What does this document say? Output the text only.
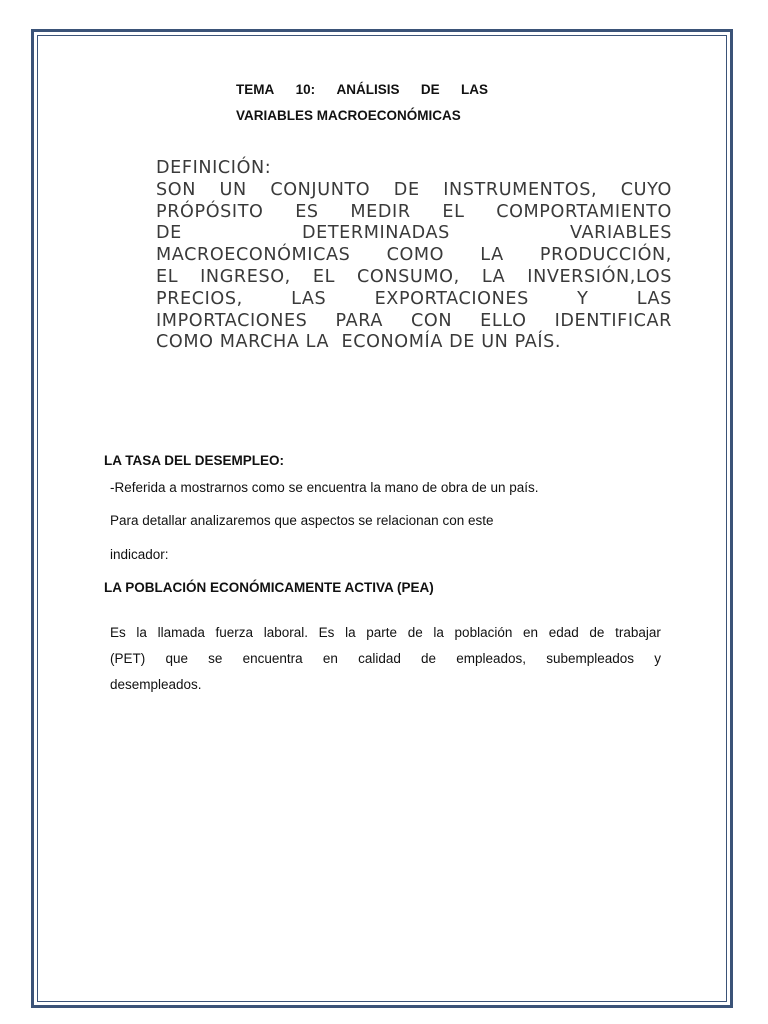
TEMA 10: ANÁLISIS DE LAS
VARIABLES MACROECONÓMICAS
DEFINICIÓN:
SON UN CONJUNTO DE INSTRUMENTOS, CUYO
PRÓPÓSITO ES MEDIR EL COMPORTAMIENTO
DE	DETERMINADAS	VARIABLES
MACROECONÓMICAS COMO LA PRODUCCIÓN,
EL INGRESO, EL CONSUMO, LA INVERSIÓN,LOS
PRECIOS,	LAS	EXPORTACIONES	Y	LAS
IMPORTACIONES PARA CON ELLO IDENTIFICAR
COMO MARCHA LA  ECONOMÍA DE UN PAÍS.
LA TASA DEL DESEMPLEO:
-Referida a mostrarnos como se encuentra la mano de obra de un país.
Para detallar analizaremos que aspectos se relacionan con este
indicador:
LA POBLACIÓN ECONÓMICAMENTE ACTIVA (PEA)
Es la llamada fuerza laboral. Es la parte de la población en edad de trabajar
(PET) que se encuentra en calidad de empleados, subempleados y
desempleados.
